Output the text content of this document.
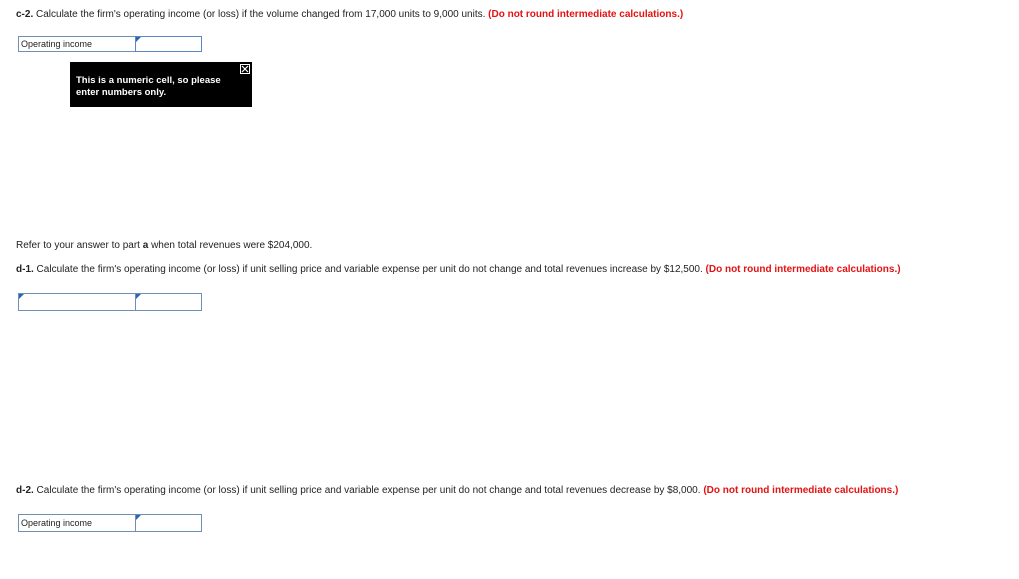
c-2. Calculate the firm's operating income (or loss) if the volume changed from 17,000 units to 9,000 units. (Do not round intermediate calculations.)
Operating income
This is a numeric cell, so please enter numbers only.
Refer to your answer to part a when total revenues were $204,000.
d-1. Calculate the firm's operating income (or loss) if unit selling price and variable expense per unit do not change and total revenues increase by $12,500. (Do not round intermediate calculations.)
d-2. Calculate the firm's operating income (or loss) if unit selling price and variable expense per unit do not change and total revenues decrease by $8,000. (Do not round intermediate calculations.)
Operating income
